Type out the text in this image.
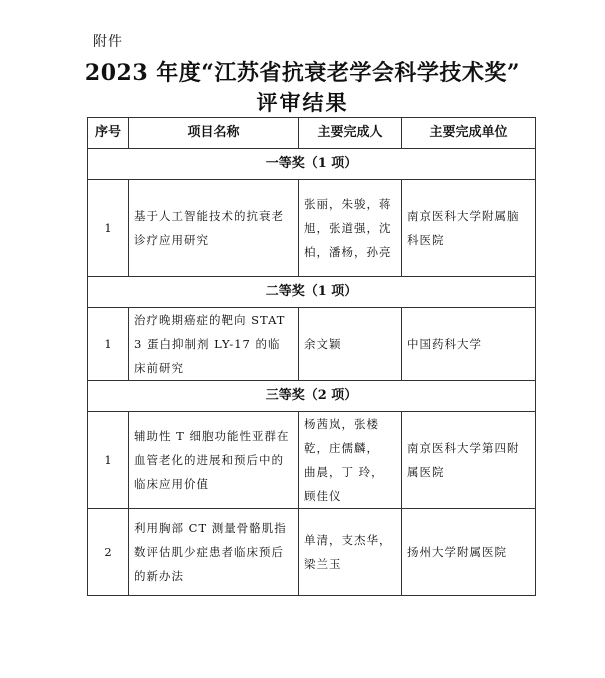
附件
2023 年度“江苏省抗衰老学会科学技术奖”
评审结果
序号	项目名称	主要完成人	主要完成单位
一等奖（1 项）			
1	基于人工智能技术的抗衰老诊疗应用研究	张丽，朱骏，蒋旭，张道强，沈柏，潘杨，孙亮	南京医科大学附属脑科医院
二等奖（1 项）			
1	治疗晚期癌症的靶向 STAT3 蛋白抑制剂 LY-17 的临床前研究	余文颖	中国药科大学
三等奖（2 项）			
1	辅助性 T 细胞功能性亚群在血管老化的进展和预后中的临床应用价值	杨茜岚，张楼乾，庄儒麟， 曲晨，丁 玲， 顾佳仪	南京医科大学第四附属医院
2	利用胸部 CT 测量骨骼肌指数评估肌少症患者临床预后的新办法	单清，支杰华，梁兰玉	扬州大学附属医院
